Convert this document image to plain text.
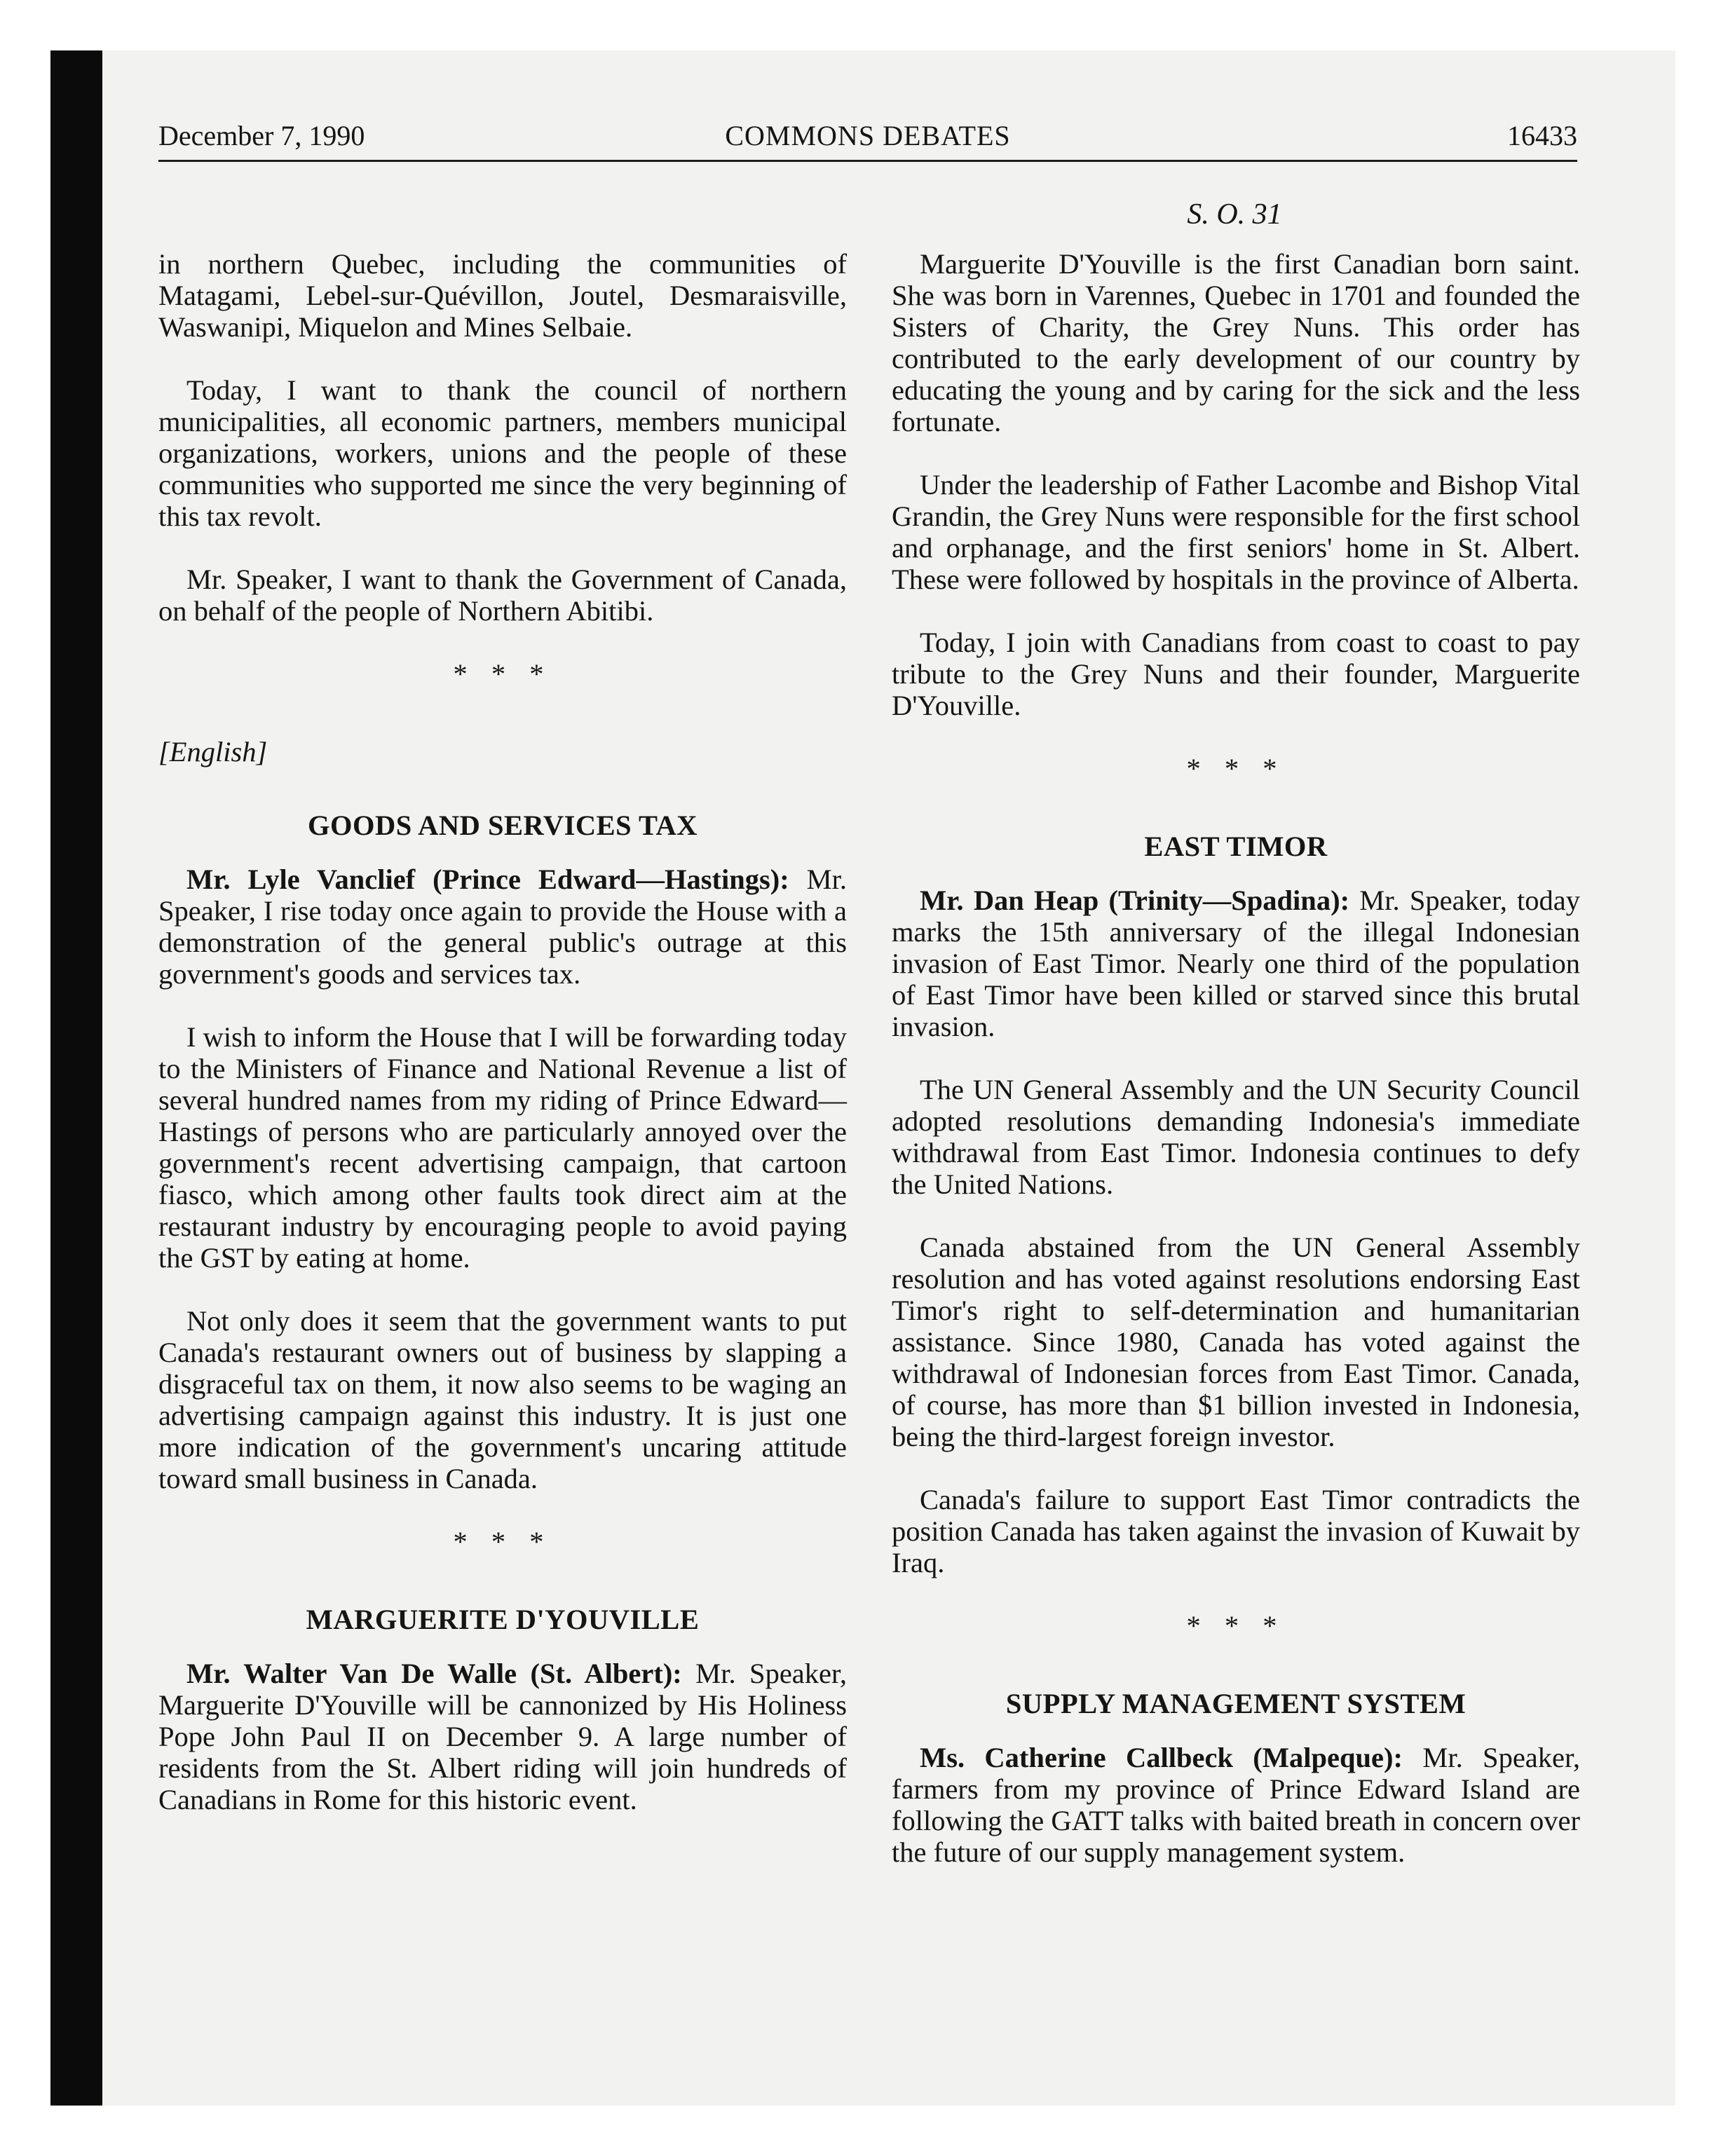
December 7, 1990	COMMONS DEBATES	16433
S. O. 31

in northern Quebec, including the communities of Matagami, Lebel-sur-Quévillon, Joutel, Desmaraisville, Waswanipi, Miquelon and Mines Selbaie.

Today, I want to thank the council of northern municipalities, all economic partners, members municipal organizations, workers, unions and the people of these communities who supported me since the very beginning of this tax revolt.

Mr. Speaker, I want to thank the Government of Canada, on behalf of the people of Northern Abitibi.

* * *
[English]
GOODS AND SERVICES TAX

Mr. Lyle Vanclief (Prince Edward—Hastings): Mr. Speaker, I rise today once again to provide the House with a demonstration of the general public's outrage at this government's goods and services tax.

I wish to inform the House that I will be forwarding today to the Ministers of Finance and National Revenue a list of several hundred names from my riding of Prince Edward—Hastings of persons who are particularly annoyed over the government's recent advertising campaign, that cartoon fiasco, which among other faults took direct aim at the restaurant industry by encouraging people to avoid paying the GST by eating at home.

Not only does it seem that the government wants to put Canada's restaurant owners out of business by slapping a disgraceful tax on them, it now also seems to be waging an advertising campaign against this industry. It is just one more indication of the government's uncaring attitude toward small business in Canada.

* * *
MARGUERITE D'YOUVILLE

Mr. Walter Van De Walle (St. Albert): Mr. Speaker, Marguerite D'Youville will be cannonized by His Holiness Pope John Paul II on December 9. A large number of residents from the St. Albert riding will join hundreds of Canadians in Rome for this historic event.

Marguerite D'Youville is the first Canadian born saint. She was born in Varennes, Quebec in 1701 and founded the Sisters of Charity, the Grey Nuns. This order has contributed to the early development of our country by educating the young and by caring for the sick and the less fortunate.

Under the leadership of Father Lacombe and Bishop Vital Grandin, the Grey Nuns were responsible for the first school and orphanage, and the first seniors' home in St. Albert. These were followed by hospitals in the province of Alberta.

Today, I join with Canadians from coast to coast to pay tribute to the Grey Nuns and their founder, Marguerite D'Youville.

* * *
EAST TIMOR

Mr. Dan Heap (Trinity—Spadina): Mr. Speaker, today marks the 15th anniversary of the illegal Indonesian invasion of East Timor. Nearly one third of the population of East Timor have been killed or starved since this brutal invasion.

The UN General Assembly and the UN Security Council adopted resolutions demanding Indonesia's immediate withdrawal from East Timor. Indonesia continues to defy the United Nations.

Canada abstained from the UN General Assembly resolution and has voted against resolutions endorsing East Timor's right to self-determination and humanitarian assistance. Since 1980, Canada has voted against the withdrawal of Indonesian forces from East Timor. Canada, of course, has more than $1 billion invested in Indonesia, being the third-largest foreign investor.

Canada's failure to support East Timor contradicts the position Canada has taken against the invasion of Kuwait by Iraq.

* * *
SUPPLY MANAGEMENT SYSTEM

Ms. Catherine Callbeck (Malpeque): Mr. Speaker, farmers from my province of Prince Edward Island are following the GATT talks with baited breath in concern over the future of our supply management system.
